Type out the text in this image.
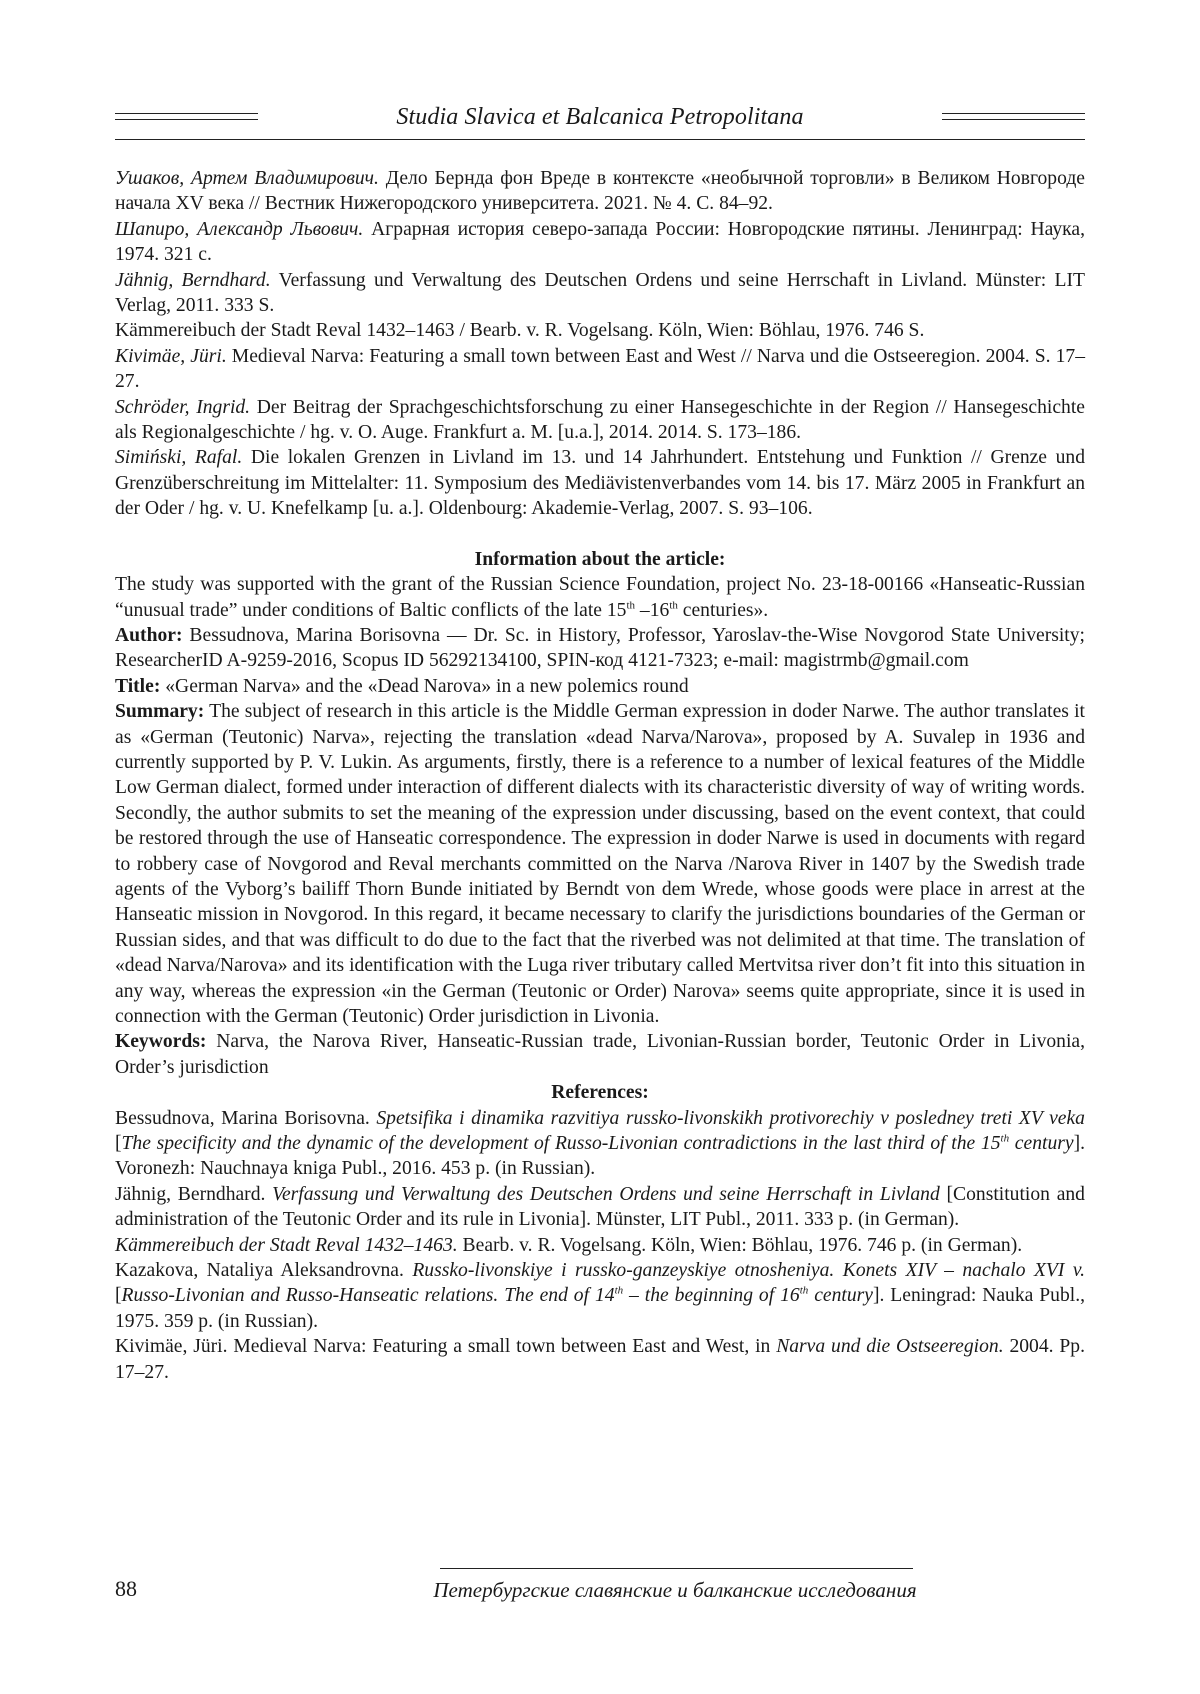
Studia Slavica et Balcanica Petropolitana

Ушаков, Артем Владимирович. Дело Бернда фон Вреде в контексте «необычной торговли» в Великом Новгороде начала XV века // Вестник Нижегородского университета. 2021. № 4. С. 84–92.

Шапиро, Александр Львович. Аграрная история северо-запада России: Новгородские пятины. Ленинград: Наука, 1974. 321 с.

Jähnig, Berndhard. Verfassung und Verwaltung des Deutschen Ordens und seine Herrschaft in Livland. Münster: LIT Verlag, 2011. 333 S.

Kämmereibuch der Stadt Reval 1432–1463 / Bearb. v. R. Vogelsang. Köln, Wien: Böhlau, 1976. 746 S.

Kivimäe, Jüri. Medieval Narva: Featuring a small town between East and West // Narva und die Ostseeregion. 2004. S. 17–27.

Schröder, Ingrid. Der Beitrag der Sprachgeschichtsforschung zu einer Hansegeschichte in der Region // Hansegeschichte als Regionalgeschichte / hg. v. O. Auge. Frankfurt a. M. [u.a.], 2014. 2014. S. 173–186.

Simiński, Rafal. Die lokalen Grenzen in Livland im 13. und 14 Jahrhundert. Entstehung und Funktion // Grenze und Grenzüberschreitung im Mittelalter: 11. Symposium des Mediävistenverbandes vom 14. bis 17. März 2005 in Frankfurt an der Oder / hg. v. U. Knefelkamp [u. a.]. Oldenbourg: Akademie-Verlag, 2007. S. 93–106.

Information about the article:

The study was supported with the grant of the Russian Science Foundation, project No. 23-18-00166 «Hanseatic-Russian “unusual trade” under conditions of Baltic conflicts of the late 15th –16th centuries».

Author: Bessudnova, Marina Borisovna — Dr. Sc. in History, Professor, Yaroslav-the-Wise Novgorod State University; ResearcherID A-9259-2016, Scopus ID 56292134100, SPIN-код 4121-7323; e-mail: magistrmb@gmail.com

Title: «German Narva» and the «Dead Narova» in a new polemics round

Summary: The subject of research in this article is the Middle German expression in doder Narwe. The author translates it as «German (Teutonic) Narva», rejecting the translation «dead Narva/Narova», proposed by A. Suvalep in 1936 and currently supported by P. V. Lukin. As arguments, firstly, there is a reference to a number of lexical features of the Middle Low German dialect, formed under interaction of different dialects with its characteristic diversity of way of writing words. Secondly, the author submits to set the meaning of the expression under discussing, based on the event context, that could be restored through the use of Hanseatic correspondence. The expression in doder Narwe is used in documents with regard to robbery case of Novgorod and Reval merchants committed on the Narva /Narova River in 1407 by the Swedish trade agents of the Vyborg’s bailiff Thorn Bunde initiated by Berndt von dem Wrede, whose goods were place in arrest at the Hanseatic mission in Novgorod. In this regard, it became necessary to clarify the jurisdictions boundaries of the German or Russian sides, and that was difficult to do due to the fact that the riverbed was not delimited at that time. The translation of «dead Narva/Narova» and its identification with the Luga river tributary called Mertvitsa river don’t fit into this situation in any way, whereas the expression «in the German (Teutonic or Order) Narova» seems quite appropriate, since it is used in connection with the German (Teutonic) Order jurisdiction in Livonia.

Keywords: Narva, the Narova River, Hanseatic-Russian trade, Livonian-Russian border, Teutonic Order in Livonia, Order’s jurisdiction

References:

Bessudnova, Marina Borisovna. Spetsifika i dinamika razvitiya russko-livonskikh protivorechiy v posledney treti XV veka [The specificity and the dynamic of the development of Russo-Livonian contradictions in the last third of the 15th century]. Voronezh: Nauchnaya kniga Publ., 2016. 453 p. (in Russian).

Jähnig, Berndhard. Verfassung und Verwaltung des Deutschen Ordens und seine Herrschaft in Livland [Constitution and administration of the Teutonic Order and its rule in Livonia]. Münster, LIT Publ., 2011. 333 p. (in German).

Kämmereibuch der Stadt Reval 1432–1463. Bearb. v. R. Vogelsang. Köln, Wien: Böhlau, 1976. 746 p. (in German).

Kazakova, Nataliya Aleksandrovna. Russko-livonskiye i russko-ganzeyskiye otnosheniya. Konets XIV – nachalo XVI v. [Russo-Livonian and Russo-Hanseatic relations. The end of 14th – the beginning of 16th century]. Leningrad: Nauka Publ., 1975. 359 p. (in Russian).

Kivimäe, Jüri. Medieval Narva: Featuring a small town between East and West, in Narva und die Ostseeregion. 2004. Pp. 17–27.

88	Петербургские славянские и балканские исследования
